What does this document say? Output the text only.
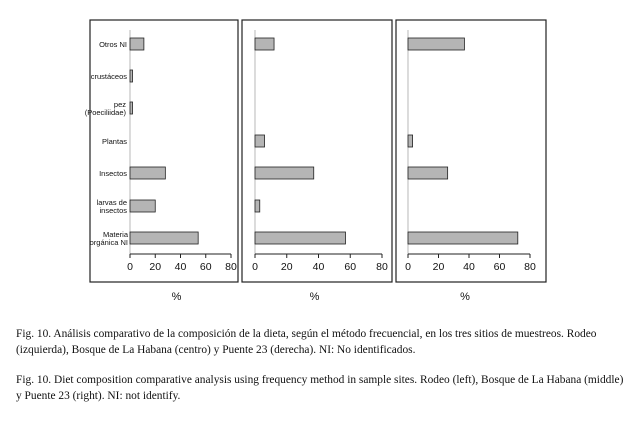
Otros NI
crustáceos
pez (Poeciliidae)
Plantas
Insectos
larvas de insectos
Materia orgánica NI
0 20 40 60 80
%
0 20 40 60 80
%
0 20 40 60 80
%

Fig. 10. Análisis comparativo de la composición de la dieta, según el método frecuencial, en los tres sitios de muestreos. Rodeo (izquierda), Bosque de La Habana (centro) y Puente 23 (derecha). NI: No identificados.

Fig. 10. Diet composition comparative analysis using frequency method in sample sites. Rodeo (left), Bosque de La Habana (middle) y Puente 23 (right). NI: not identify.
